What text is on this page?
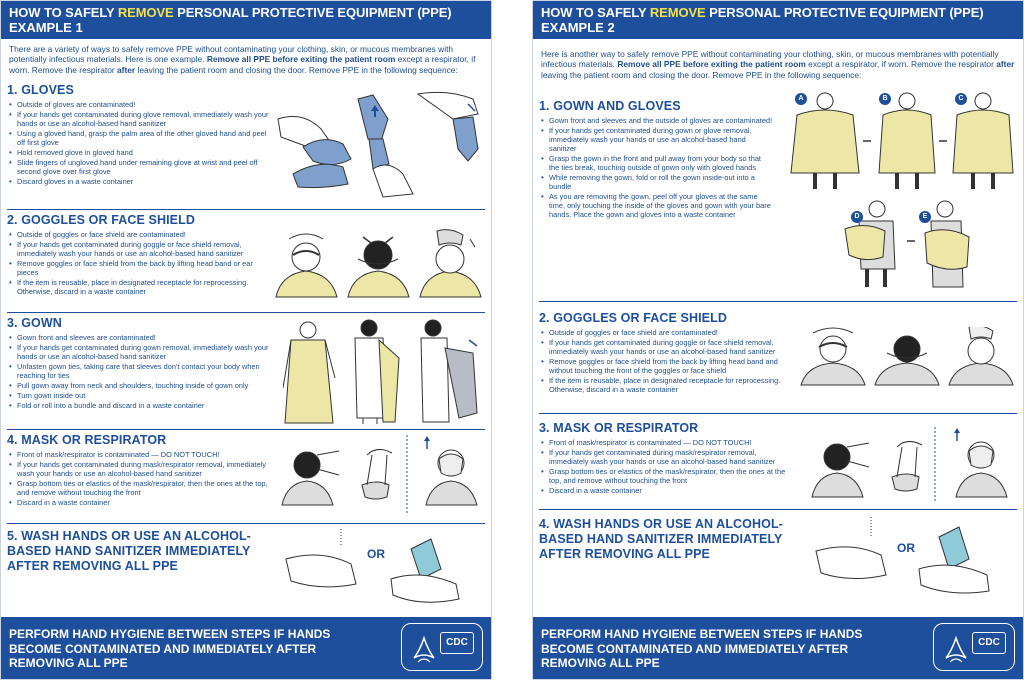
HOW TO SAFELY REMOVE PERSONAL PROTECTIVE EQUIPMENT (PPE)
EXAMPLE 1
There are a variety of ways to safely remove PPE without contaminating your clothing, skin, or mucous membranes with potentially infectious materials. Here is one example. Remove all PPE before exiting the patient room except a respirator, if worn. Remove the respirator after leaving the patient room and closing the door. Remove PPE in the following sequence:
1. GLOVES
• Outside of gloves are contaminated!
• If your hands get contaminated during glove removal, immediately wash your hands or use an alcohol-based hand sanitizer
• Using a gloved hand, grasp the palm area of the other gloved hand and peel off first glove
• Hold removed glove in gloved hand
• Slide fingers of ungloved hand under remaining glove at wrist and peel off second glove over first glove
• Discard gloves in a waste container
2. GOGGLES OR FACE SHIELD
• Outside of goggles or face shield are contaminated!
• If your hands get contaminated during goggle or face shield removal, immediately wash your hands or use an alcohol-based hand sanitizer
• Remove goggles or face shield from the back by lifting head band or ear pieces
• If the item is reusable, place in designated receptacle for reprocessing. Otherwise, discard in a waste container
3. GOWN
• Gown front and sleeves are contaminated!
• If your hands get contaminated during gown removal, immediately wash your hands or use an alcohol-based hand sanitizer
• Unfasten gown ties, taking care that sleeves don't contact your body when reaching for ties
• Pull gown away from neck and shoulders, touching inside of gown only
• Turn gown inside out
• Fold or roll into a bundle and discard in a waste container
4. MASK OR RESPIRATOR
• Front of mask/respirator is contaminated — DO NOT TOUCH!
• If your hands get contaminated during mask/respirator removal, immediately wash your hands or use an alcohol-based hand sanitizer
• Grasp bottom ties or elastics of the mask/respirator, then the ones at the top, and remove without touching the front
• Discard in a waste container
5. WASH HANDS OR USE AN ALCOHOL-BASED HAND SANITIZER IMMEDIATELY AFTER REMOVING ALL PPE
OR
PERFORM HAND HYGIENE BETWEEN STEPS IF HANDS BECOME CONTAMINATED AND IMMEDIATELY AFTER REMOVING ALL PPE
CDC
HOW TO SAFELY REMOVE PERSONAL PROTECTIVE EQUIPMENT (PPE)
EXAMPLE 2
Here is another way to safely remove PPE without contaminating your clothing, skin, or mucous membranes with potentially infectious materials. Remove all PPE before exiting the patient room except a respirator, if worn. Remove the respirator after leaving the patient room and closing the door. Remove PPE in the following sequence:
1. GOWN AND GLOVES
• Gown front and sleeves and the outside of gloves are contaminated!
• If your hands get contaminated during gown or glove removal, immediately wash your hands or use an alcohol-based hand sanitizer
• Grasp the gown in the front and pull away from your body so that the ties break, touching outside of gown only with gloved hands
• While removing the gown, fold or roll the gown inside-out into a bundle
• As you are removing the gown, peel off your gloves at the same time, only touching the inside of the gloves and gown with your bare hands. Place the gown and gloves into a waste container
A	B	C
D	E
2. GOGGLES OR FACE SHIELD
• Outside of goggles or face shield are contaminated!
• If your hands get contaminated during goggle or face shield removal, immediately wash your hands or use an alcohol-based hand sanitizer
• Remove goggles or face shield from the back by lifting head band and without touching the front of the goggles or face shield
• If the item is reusable, place in designated receptacle for reprocessing. Otherwise, discard in a waste container
3. MASK OR RESPIRATOR
• Front of mask/respirator is contaminated — DO NOT TOUCH!
• If your hands get contaminated during mask/respirator removal, immediately wash your hands or use an alcohol-based hand sanitizer
• Grasp bottom ties or elastics of the mask/respirator, then the ones at the top, and remove without touching the front
• Discard in a waste container
4. WASH HANDS OR USE AN ALCOHOL-BASED HAND SANITIZER IMMEDIATELY AFTER REMOVING ALL PPE	OR
PERFORM HAND HYGIENE BETWEEN STEPS IF HANDS BECOME CONTAMINATED AND IMMEDIATELY AFTER REMOVING ALL PPE
CDC
